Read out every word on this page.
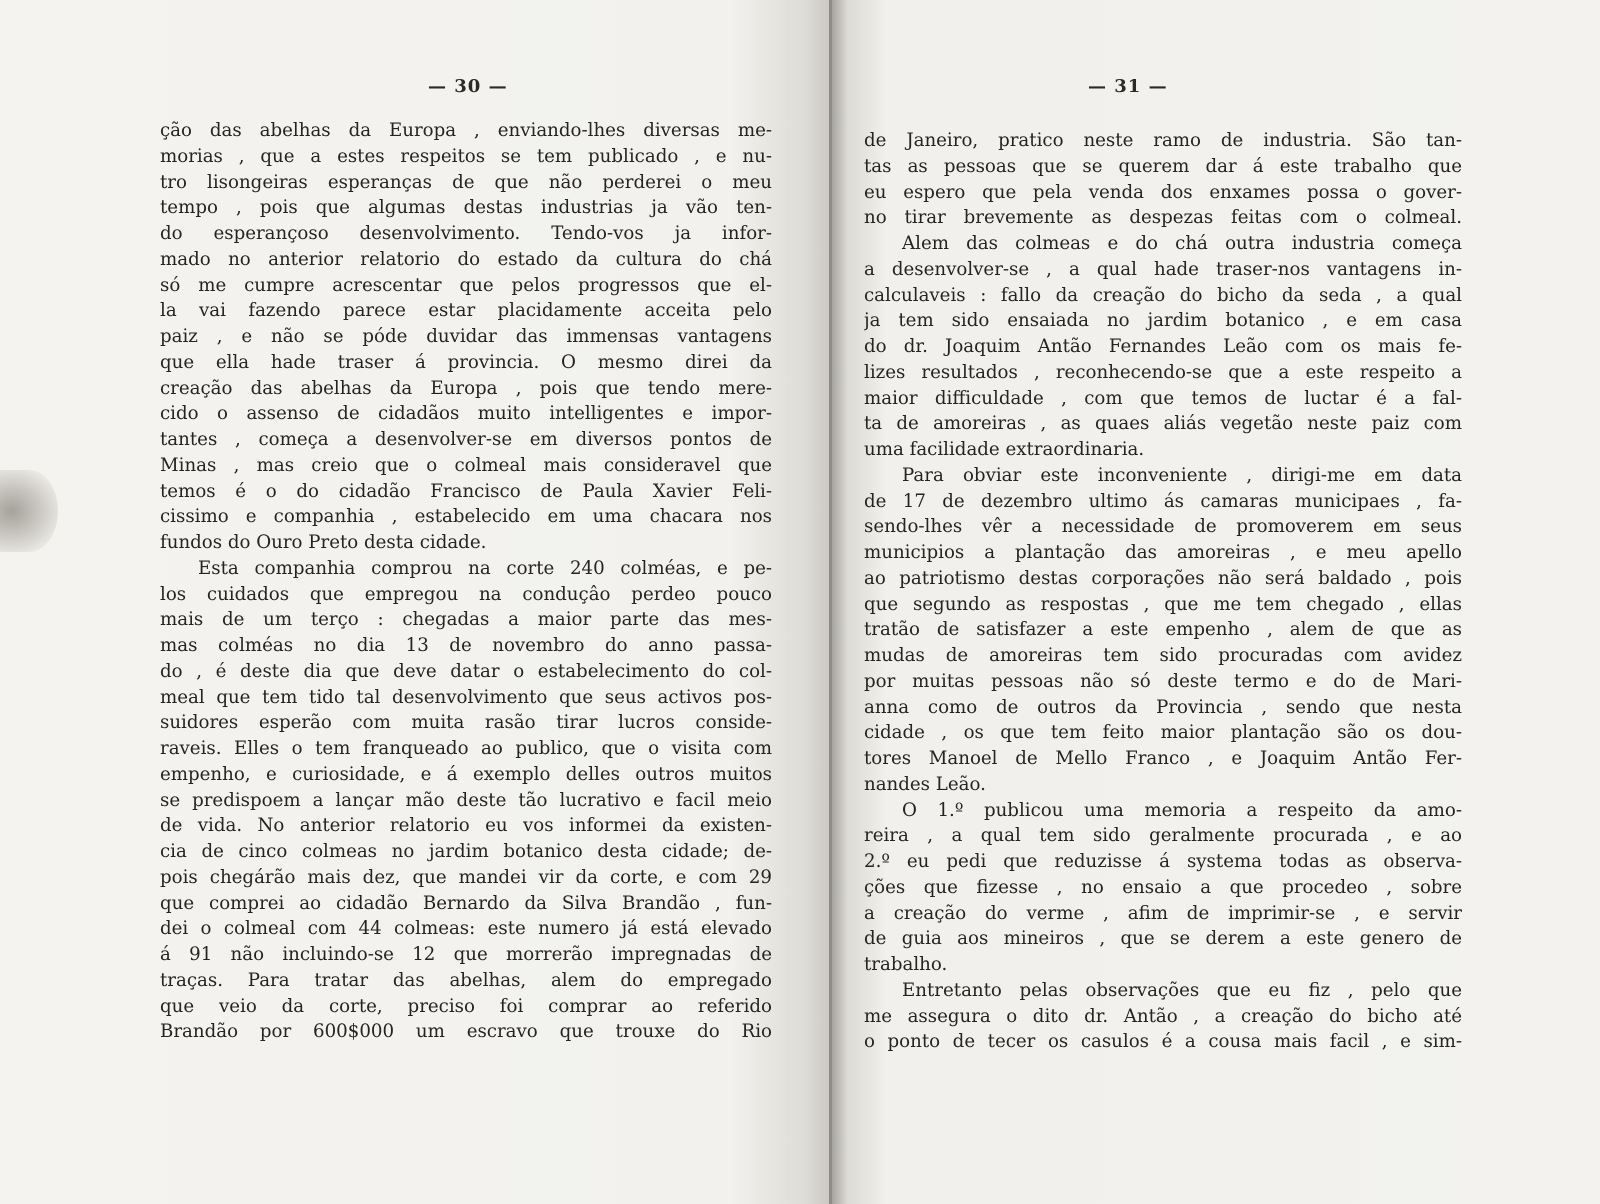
— 30 —
ção das abelhas da Europa , enviando-lhes diversas me-
morias , que a estes respeitos se tem publicado , e nu-
tro lisongeiras esperanças de que não perderei o meu
tempo , pois que algumas destas industrias ja vão ten-
do esperançoso desenvolvimento. Tendo-vos ja infor-
mado no anterior relatorio do estado da cultura do chá
só me cumpre acrescentar que pelos progressos que el-
la vai fazendo parece estar placidamente acceita pelo
paiz , e não se póde duvidar das immensas vantagens
que ella hade traser á provincia. O mesmo direi da
creação das abelhas da Europa , pois que tendo mere-
cido o assenso de cidadãos muito intelligentes e impor-
tantes , começa a desenvolver-se em diversos pontos de
Minas , mas creio que o colmeal mais consideravel que
temos é o do cidadão Francisco de Paula Xavier Feli-
cissimo e companhia , estabelecido em uma chacara nos
fundos do Ouro Preto desta cidade.
Esta companhia comprou na corte 240 colméas, e pe-
los cuidados que empregou na conduçâo perdeo pouco
mais de um terço : chegadas a maior parte das mes-
mas colméas no dia 13 de novembro do anno passa-
do , é deste dia que deve datar o estabelecimento do col-
meal que tem tido tal desenvolvimento que seus activos pos-
suidores esperão com muita rasão tirar lucros conside-
raveis. Elles o tem franqueado ao publico, que o visita com
empenho, e curiosidade, e á exemplo delles outros muitos
se predispoem a lançar mão deste tão lucrativo e facil meio
de vida. No anterior relatorio eu vos informei da existen-
cia de cinco colmeas no jardim botanico desta cidade; de-
pois chegárão mais dez, que mandei vir da corte, e com 29
que comprei ao cidadão Bernardo da Silva Brandão , fun-
dei o colmeal com 44 colmeas: este numero já está elevado
á 91 não incluindo-se 12 que morrerão impregnadas de
traças. Para tratar das abelhas, alem do empregado
que veio da corte, preciso foi comprar ao referido
Brandão por 600$000 um escravo que trouxe do Rio
— 31 —
de Janeiro, pratico neste ramo de industria. São tan-
tas as pessoas que se querem dar á este trabalho que
eu espero que pela venda dos enxames possa o gover-
no tirar brevemente as despezas feitas com o colmeal.
Alem das colmeas e do chá outra industria começa
a desenvolver-se , a qual hade traser-nos vantagens in-
calculaveis : fallo da creação do bicho da seda , a qual
ja tem sido ensaiada no jardim botanico , e em casa
do dr. Joaquim Antão Fernandes Leão com os mais fe-
lizes resultados , reconhecendo-se que a este respeito a
maior difficuldade , com que temos de luctar é a fal-
ta de amoreiras , as quaes aliás vegetão neste paiz com
uma facilidade extraordinaria.
Para obviar este inconveniente , dirigi-me em data
de 17 de dezembro ultimo ás camaras municipaes , fa-
sendo-lhes vêr a necessidade de promoverem em seus
municipios a plantação das amoreiras , e meu apello
ao patriotismo destas corporações não será baldado , pois
que segundo as respostas , que me tem chegado , ellas
tratão de satisfazer a este empenho , alem de que as
mudas de amoreiras tem sido procuradas com avidez
por muitas pessoas não só deste termo e do de Mari-
anna como de outros da Provincia , sendo que nesta
cidade , os que tem feito maior plantação são os dou-
tores Manoel de Mello Franco , e Joaquim Antão Fer-
nandes Leão.
O 1.º publicou uma memoria a respeito da amo-
reira , a qual tem sido geralmente procurada , e ao
2.º eu pedi que reduzisse á systema todas as observa-
ções que fizesse , no ensaio a que procedeo , sobre
a creação do verme , afim de imprimir-se , e servir
de guia aos mineiros , que se derem a este genero de
trabalho.
Entretanto pelas observações que eu fiz , pelo que
me assegura o dito dr. Antão , a creação do bicho até
o ponto de tecer os casulos é a cousa mais facil , e sim-
